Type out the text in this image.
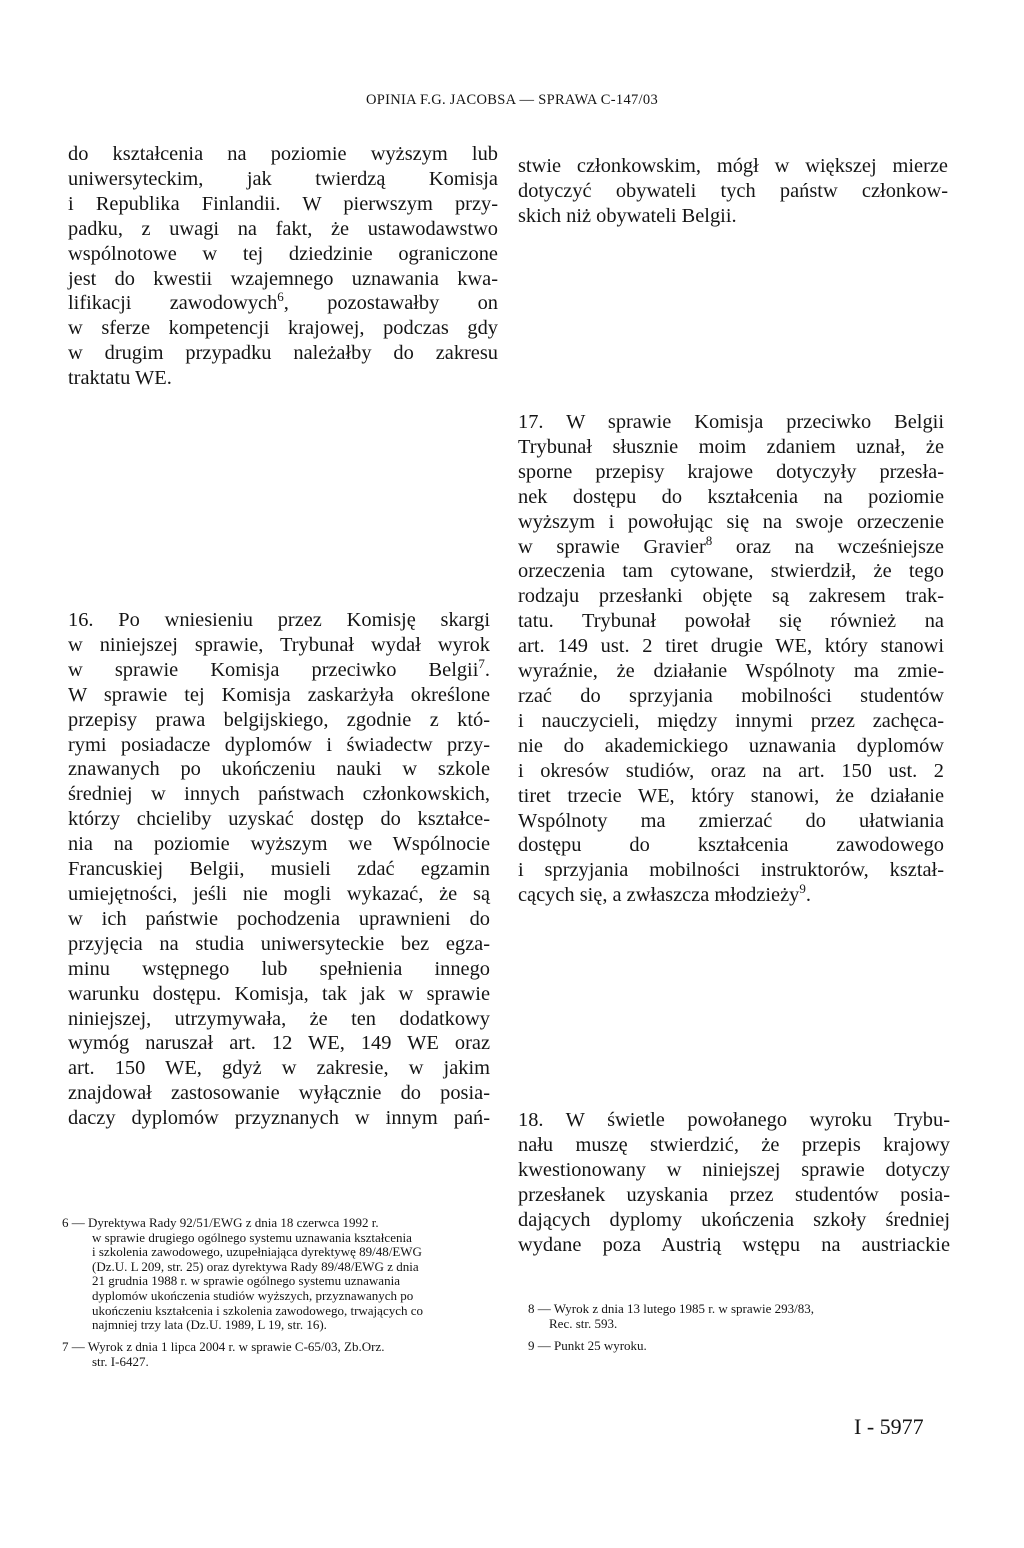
OPINIA F.G. JACOBSA — SPRAWA C-147/03
do kształcenia na poziomie wyższym lub
uniwersyteckim, jak twierdzą Komisja
i Republika Finlandii. W pierwszym przy-
padku, z uwagi na fakt, że ustawodawstwo
wspólnotowe w tej dziedzinie ograniczone
jest do kwestii wzajemnego uznawania kwa-
lifikacji zawodowych$^6$, pozostawałby on
w sferze kompetencji krajowej, podczas gdy
w drugim przypadku należałby do zakresu
traktatu WE.
16. Po wniesieniu przez Komisję skargi
w niniejszej sprawie, Trybunał wydał wyrok
w sprawie Komisja przeciwko Belgii$^7$.
W sprawie tej Komisja zaskarżyła określone
przepisy prawa belgijskiego, zgodnie z któ-
rymi posiadacze dyplomów i świadectw przy-
znawanych po ukończeniu nauki w szkole
średniej w innych państwach członkowskich,
którzy chcieliby uzyskać dostęp do kształce-
nia na poziomie wyższym we Wspólnocie
Francuskiej Belgii, musieli zdać egzamin
umiejętności, jeśli nie mogli wykazać, że są
w ich państwie pochodzenia uprawnieni do
przyjęcia na studia uniwersyteckie bez egza-
minu wstępnego lub spełnienia innego
warunku dostępu. Komisja, tak jak w sprawie
niniejszej, utrzymywała, że ten dodatkowy
wymóg naruszał art. 12 WE, 149 WE oraz
art. 150 WE, gdyż w zakresie, w jakim
znajdował zastosowanie wyłącznie do posia-
daczy dyplomów przyznanych w innym pań-
6 — Dyrektywa Rady 92/51/EWG z dnia 18 czerwca 1992 r.
w sprawie drugiego ogólnego systemu uznawania kształcenia
i szkolenia zawodowego, uzupełniająca dyrektywę 89/48/EWG
(Dz.U. L 209, str. 25) oraz dyrektywa Rady 89/48/EWG z dnia
21 grudnia 1988 r. w sprawie ogólnego systemu uznawania
dyplomów ukończenia studiów wyższych, przyznawanych po
ukończeniu kształcenia i szkolenia zawodowego, trwających co
najmniej trzy lata (Dz.U. 1989, L 19, str. 16).
7 — Wyrok z dnia 1 lipca 2004 r. w sprawie C-65/03, Zb.Orz.
str. I-6427.
stwie członkowskim, mógł w większej mierze
dotyczyć obywateli tych państw członkow-
skich niż obywateli Belgii.
17. W sprawie Komisja przeciwko Belgii
Trybunał słusznie moim zdaniem uznał, że
sporne przepisy krajowe dotyczyły przesła-
nek dostępu do kształcenia na poziomie
wyższym i powołując się na swoje orzeczenie
w sprawie Gravier$^8$ oraz na wcześniejsze
orzeczenia tam cytowane, stwierdził, że tego
rodzaju przesłanki objęte są zakresem trak-
tatu. Trybunał powołał się również na
art. 149 ust. 2 tiret drugie WE, który stanowi
wyraźnie, że działanie Wspólnoty ma zmie-
rzać do sprzyjania mobilności studentów
i nauczycieli, między innymi przez zachęca-
nie do akademickiego uznawania dyplomów
i okresów studiów, oraz na art. 150 ust. 2
tiret trzecie WE, który stanowi, że działanie
Wspólnoty ma zmierzać do ułatwiania
dostępu do kształcenia zawodowego
i sprzyjania mobilności instruktorów, kształ-
cących się, a zwłaszcza młodzieży$^9$.
18. W świetle powołanego wyroku Trybu-
nału muszę stwierdzić, że przepis krajowy
kwestionowany w niniejszej sprawie dotyczy
przesłanek uzyskania przez studentów posia-
dających dyplomy ukończenia szkoły średniej
wydane poza Austrią wstępu na austriackie
8 — Wyrok z dnia 13 lutego 1985 r. w sprawie 293/83,
Rec. str. 593.
9 — Punkt 25 wyroku.
I - 5977
